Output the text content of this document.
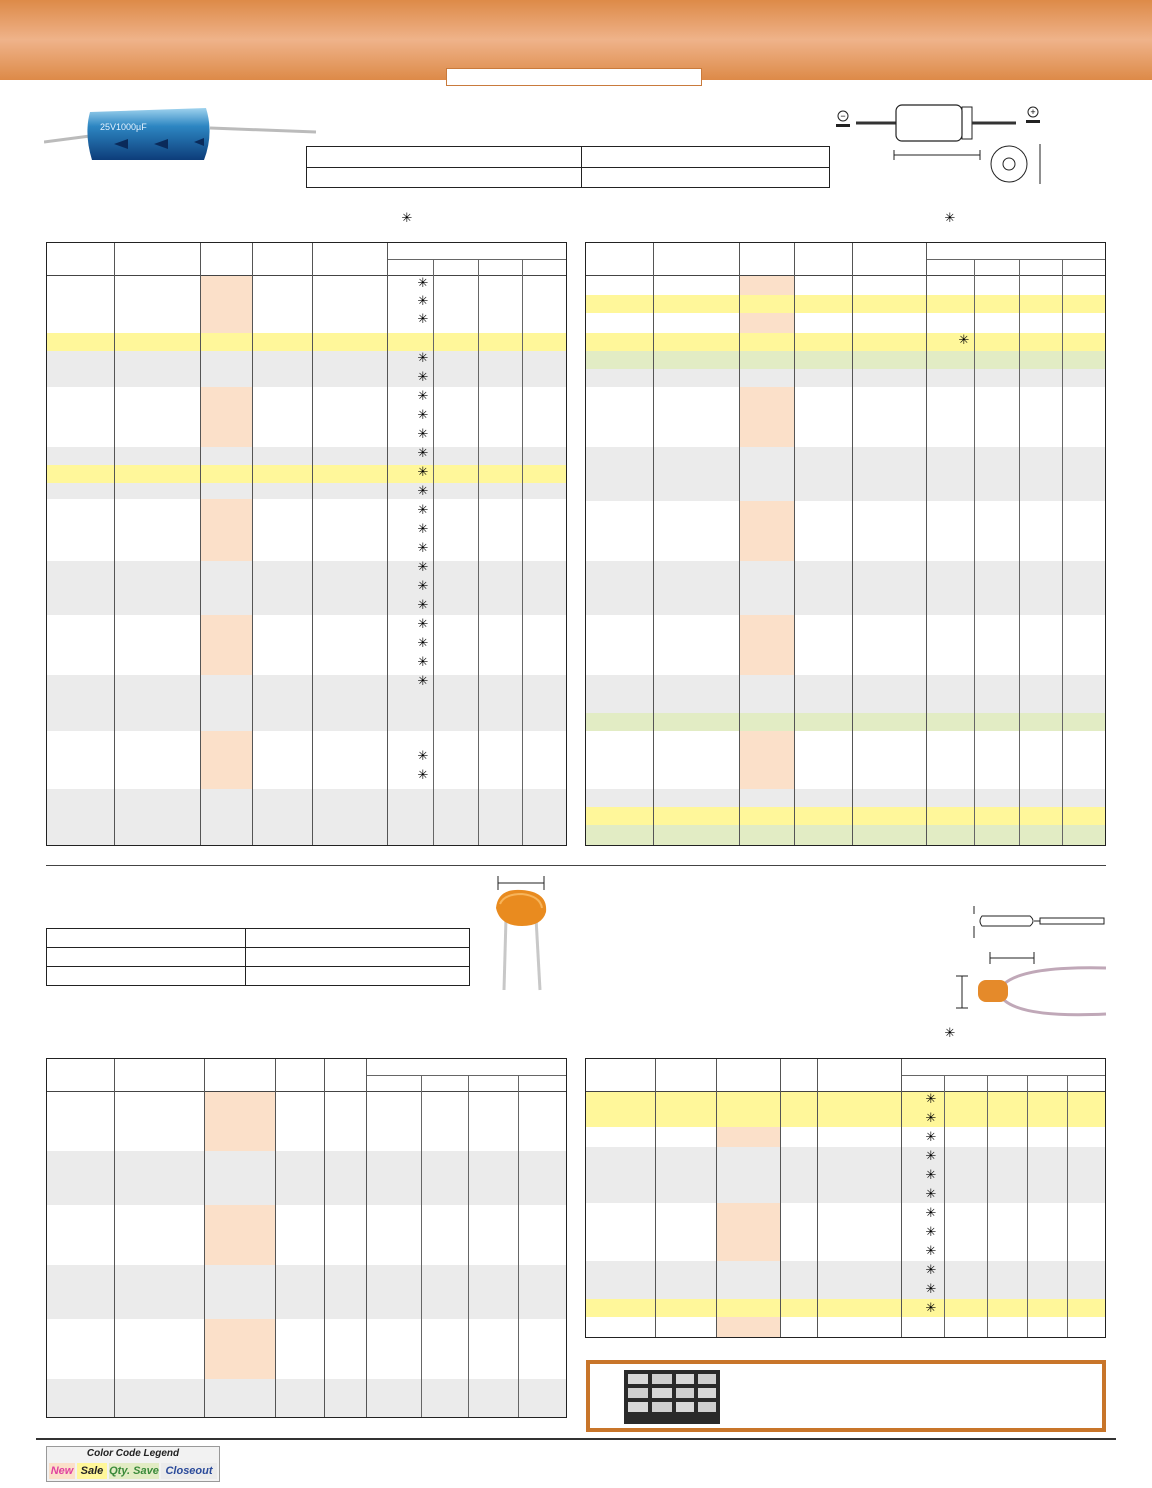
25V1000µF
−	+
✳	✳
✳
✳
✳
✳
✳
✳
✳
✳
✳
✳
✳
✳
✳
✳
✳
✳
✳
✳
✳
✳
✳
✳
✳
✳
✳
✳
✳
✳
✳
✳
✳
✳
✳
✳
✳
✳
✳
Color Code Legend
New Sale Qty. Save Closeout
